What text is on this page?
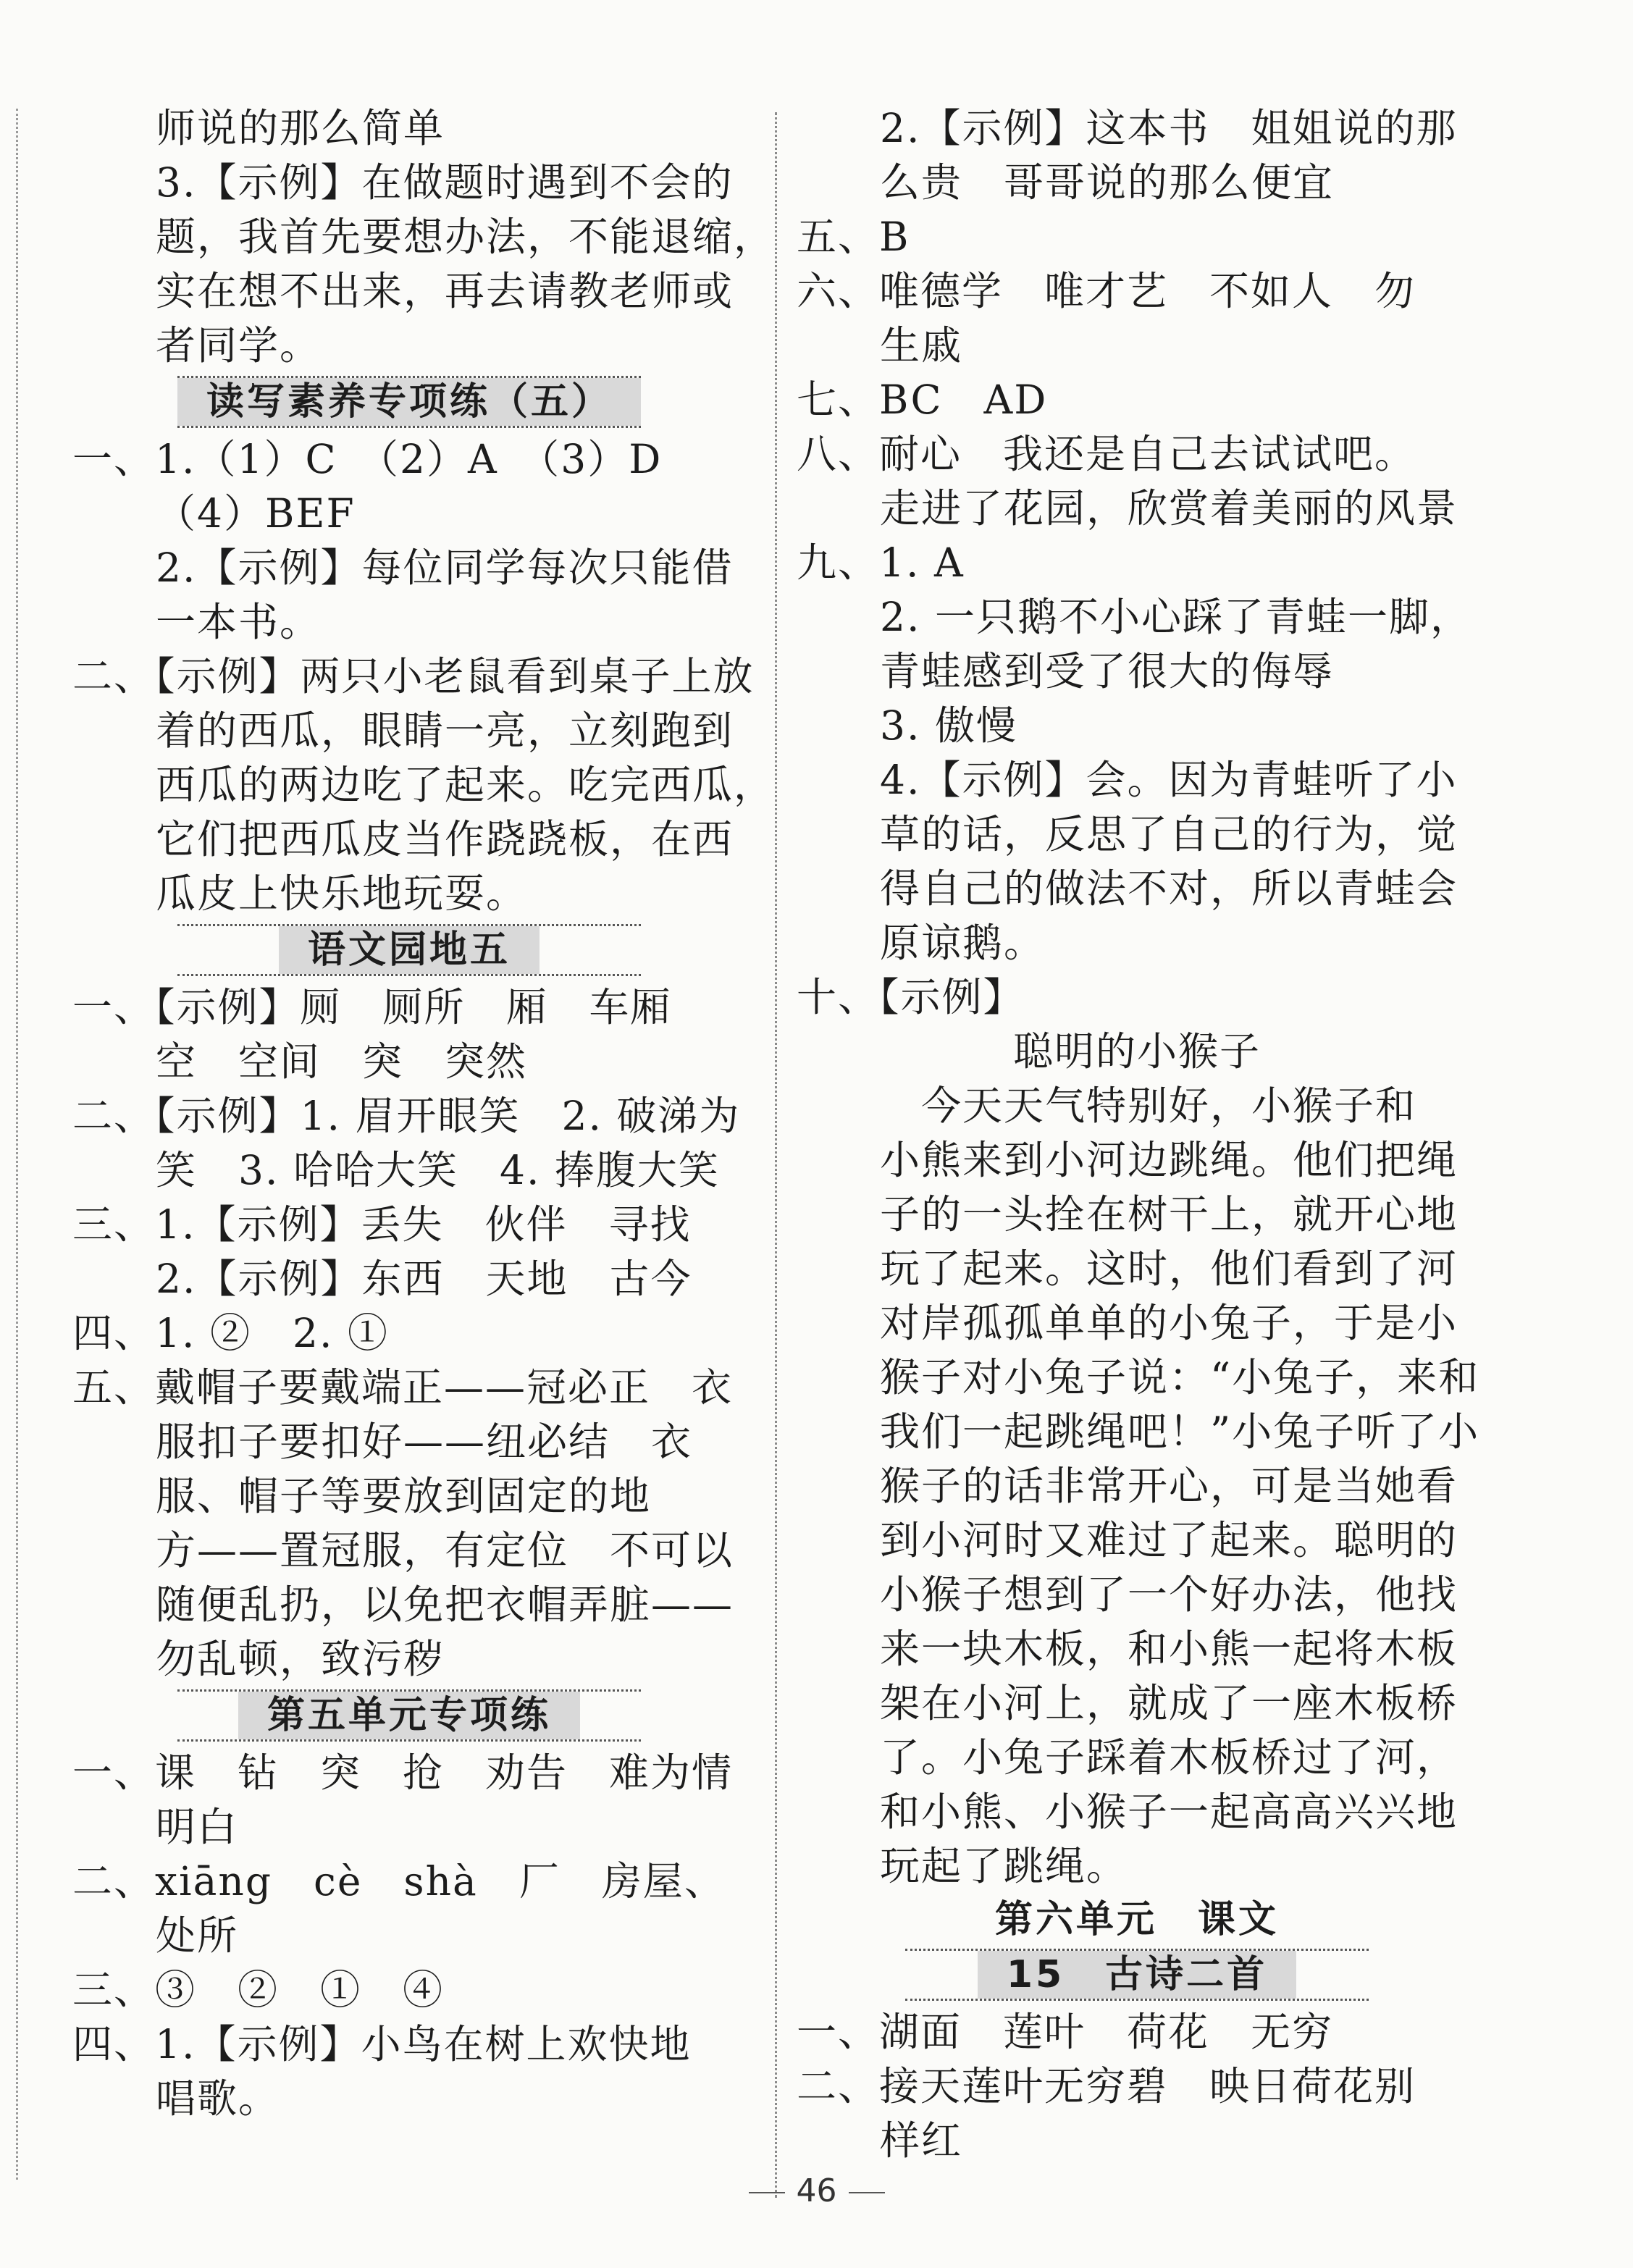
师说的那么简单
3.【示例】在做题时遇到不会的
题，我首先要想办法，不能退缩，
实在想不出来，再去请教老师或
者同学。
读写素养专项练（五）
一、1.（1）C　（2）A　（3）D
（4）BEF
2.【示例】每位同学每次只能借
一本书。
二、【示例】两只小老鼠看到桌子上放
着的西瓜，眼睛一亮，立刻跑到
西瓜的两边吃了起来。吃完西瓜，
它们把西瓜皮当作跷跷板，在西
瓜皮上快乐地玩耍。
语文园地五
一、【示例】厕　厕所　厢　车厢
空　空间　突　突然
二、【示例】1. 眉开眼笑　2. 破涕为
笑　3. 哈哈大笑　4. 捧腹大笑
三、1.【示例】丢失　伙伴　寻找
2.【示例】东西　天地　古今
四、1. ②　2. ①
五、戴帽子要戴端正——冠必正　衣
服扣子要扣好——纽必结　衣
服、帽子等要放到固定的地
方——置冠服，有定位　不可以
随便乱扔，以免把衣帽弄脏——
勿乱顿，致污秽
第五单元专项练
一、课　钻　突　抢　劝告　难为情
明白
二、xiāng　cè　shà　厂　房屋、
处所
三、③　②　①　④
四、1.【示例】小鸟在树上欢快地
唱歌。
2.【示例】这本书　姐姐说的那
么贵　哥哥说的那么便宜
五、B
六、唯德学　唯才艺　不如人　勿
生戚
七、BC　AD
八、耐心　我还是自己去试试吧。
走进了花园，欣赏着美丽的风景
九、1. A
2. 一只鹅不小心踩了青蛙一脚，
青蛙感到受了很大的侮辱
3. 傲慢
4.【示例】会。因为青蛙听了小
草的话，反思了自己的行为，觉
得自己的做法不对，所以青蛙会
原谅鹅。
十、【示例】
聪明的小猴子
　今天天气特别好，小猴子和
小熊来到小河边跳绳。他们把绳
子的一头拴在树干上，就开心地
玩了起来。这时，他们看到了河
对岸孤孤单单的小兔子，于是小
猴子对小兔子说：“小兔子，来和
我们一起跳绳吧！”小兔子听了小
猴子的话非常开心，可是当她看
到小河时又难过了起来。聪明的
小猴子想到了一个好办法，他找
来一块木板，和小熊一起将木板
架在小河上，就成了一座木板桥
了。小兔子踩着木板桥过了河，
和小熊、小猴子一起高高兴兴地
玩起了跳绳。
第六单元　课文
15　古诗二首
一、湖面　莲叶　荷花　无穷
二、接天莲叶无穷碧　映日荷花别
样红
46
